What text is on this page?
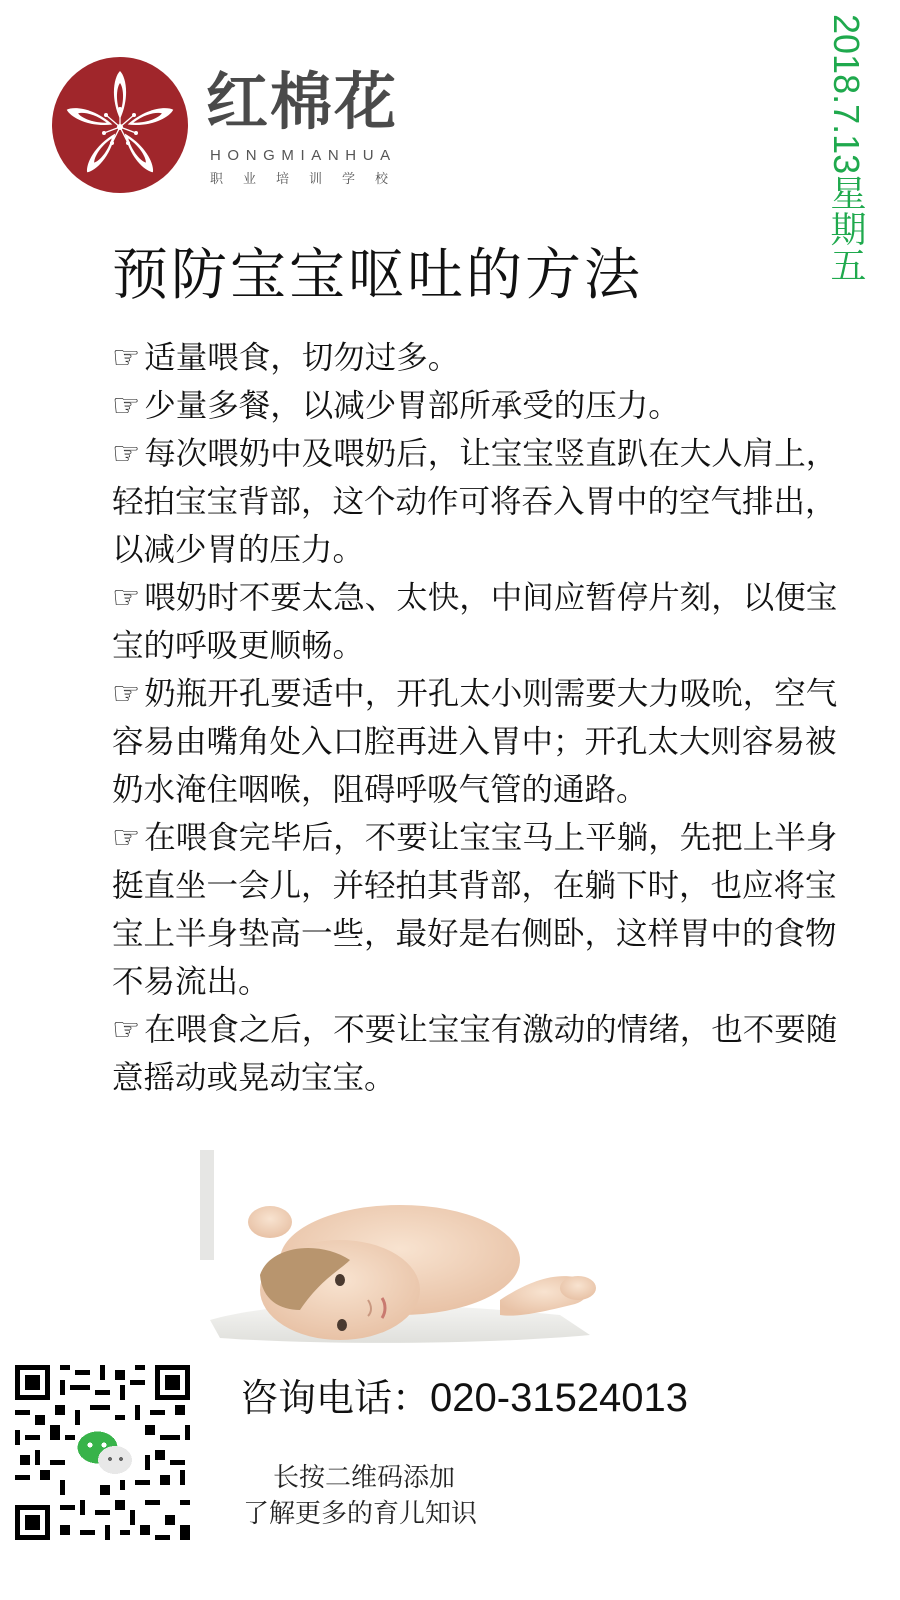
红棉花
HONGMIANHUA
职业培训学校	2018.7.13星期五
预防宝宝呕吐的方法
☞ 适量喂食，切勿过多。
☞ 少量多餐，以减少胃部所承受的压力。
☞ 每次喂奶中及喂奶后，让宝宝竖直趴在大人肩上，轻拍宝宝背部，这个动作可将吞入胃中的空气排出，以减少胃的压力。
☞ 喂奶时不要太急、太快，中间应暂停片刻，以便宝宝的呼吸更顺畅。
☞ 奶瓶开孔要适中，开孔太小则需要大力吸吮，空气容易由嘴角处入口腔再进入胃中；开孔太大则容易被奶水淹住咽喉，阻碍呼吸气管的通路。
☞ 在喂食完毕后，不要让宝宝马上平躺，先把上半身挺直坐一会儿，并轻拍其背部，在躺下时，也应将宝宝上半身垫高一些，最好是右侧卧，这样胃中的食物不易流出。
☞ 在喂食之后，不要让宝宝有激动的情绪，也不要随意摇动或晃动宝宝。
咨询电话：020-31524013
长按二维码添加
了解更多的育儿知识
